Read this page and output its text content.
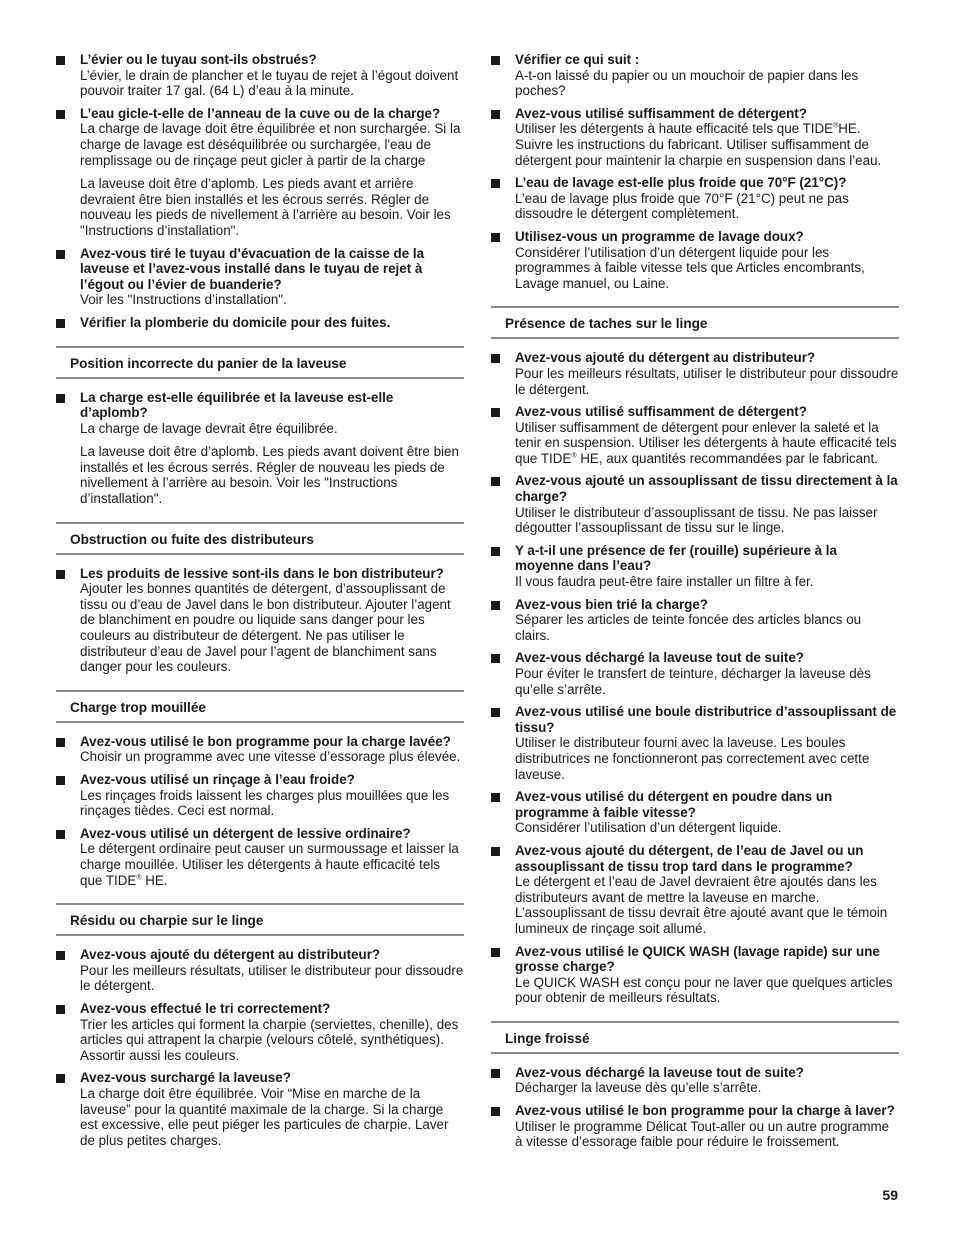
L’évier ou le tuyau sont-ils obstrués?
L’évier, le drain de plancher et le tuyau de rejet à l’égout doivent pouvoir traiter 17 gal. (64 L) d’eau à la minute.
L’eau gicle-t-elle de l’anneau de la cuve ou de la charge?
La charge de lavage doit être équilibrée et non surchargée. Si la charge de lavage est déséquilibrée ou surchargée, l'eau de remplissage ou de rinçage peut gicler à partir de la charge
La laveuse doit être d’aplomb. Les pieds avant et arrière devraient être bien installés et les écrous serrés. Régler de nouveau les pieds de nivellement à l’arrière au besoin. Voir les "Instructions d’installation".
Avez-vous tiré le tuyau d’évacuation de la caisse de la laveuse et l’avez-vous installé dans le tuyau de rejet à l’égout ou l’évier de buanderie?
Voir les "Instructions d’installation".
Vérifier la plomberie du domicile pour des fuites.
Position incorrecte du panier de la laveuse
La charge est-elle équilibrée et la laveuse est-elle d’aplomb?
La charge de lavage devrait être équilibrée.
La laveuse doit être d’aplomb. Les pieds avant doivent être bien installés et les écrous serrés. Régler de nouveau les pieds de nivellement à l’arrière au besoin. Voir les "Instructions d’installation".
Obstruction ou fuite des distributeurs
Les produits de lessive sont-ils dans le bon distributeur?
Ajouter les bonnes quantités de détergent, d’assouplissant de tissu ou d’eau de Javel dans le bon distributeur. Ajouter l’agent de blanchiment en poudre ou liquide sans danger pour les couleurs au distributeur de détergent. Ne pas utiliser le distributeur d’eau de Javel pour l’agent de blanchiment sans danger pour les couleurs.
Charge trop mouillée
Avez-vous utilisé le bon programme pour la charge lavée?
Choisir un programme avec une vitesse d’essorage plus élevée.
Avez-vous utilisé un rinçage à l’eau froide?
Les rinçages froids laissent les charges plus mouillées que les rinçages tièdes. Ceci est normal.
Avez-vous utilisé un détergent de lessive ordinaire?
Le détergent ordinaire peut causer un surmoussage et laisser la charge mouillée. Utiliser les détergents à haute efficacité tels que TIDE® HE.
Résidu ou charpie sur le linge
Avez-vous ajouté du détergent au distributeur?
Pour les meilleurs résultats, utiliser le distributeur pour dissoudre le détergent.
Avez-vous effectué le tri correctement?
Trier les articles qui forment la charpie (serviettes, chenille), des articles qui attrapent la charpie (velours côtelé, synthétiques). Assortir aussi les couleurs.
Avez-vous surchargé la laveuse?
La charge doit être équilibrée. Voir “Mise en marche de la laveuse” pour la quantité maximale de la charge. Si la charge est excessive, elle peut piéger les particules de charpie. Laver de plus petites charges.
Vérifier ce qui suit :
A-t-on laissé du papier ou un mouchoir de papier dans les poches?
Avez-vous utilisé suffisamment de détergent?
Utiliser les détergents à haute efficacité tels que TIDE®HE. Suivre les instructions du fabricant. Utiliser suffisamment de détergent pour maintenir la charpie en suspension dans l’eau.
L’eau de lavage est-elle plus froide que 70°F (21°C)?
L’eau de lavage plus froide que 70°F (21°C) peut ne pas dissoudre le détergent complètement.
Utilisez-vous un programme de lavage doux?
Considérer l’utilisation d’un détergent liquide pour les programmes à faible vitesse tels que Articles encombrants, Lavage manuel, ou Laine.
Présence de taches sur le linge
Avez-vous ajouté du détergent au distributeur?
Pour les meilleurs résultats, utiliser le distributeur pour dissoudre le détergent.
Avez-vous utilisé suffisamment de détergent?
Utiliser suffisamment de détergent pour enlever la saleté et la tenir en suspension. Utiliser les détergents à haute efficacité tels que TIDE® HE, aux quantités recommandées par le fabricant.
Avez-vous ajouté un assouplissant de tissu directement à la charge?
Utiliser le distributeur d’assouplissant de tissu. Ne pas laisser dégoutter l’assouplissant de tissu sur le linge.
Y a-t-il une présence de fer (rouille) supérieure à la moyenne dans l’eau?
Il vous faudra peut-être faire installer un filtre à fer.
Avez-vous bien trié la charge?
Séparer les articles de teinte foncée des articles blancs ou clairs.
Avez-vous déchargé la laveuse tout de suite?
Pour éviter le transfert de teinture, décharger la laveuse dès qu’elle s’arrête.
Avez-vous utilisé une boule distributrice d’assouplissant de tissu?
Utiliser le distributeur fourni avec la laveuse. Les boules distributrices ne fonctionneront pas correctement avec cette laveuse.
Avez-vous utilisé du détergent en poudre dans un programme à faible vitesse?
Considérer l’utilisation d’un détergent liquide.
Avez-vous ajouté du détergent, de l’eau de Javel ou un assouplissant de tissu trop tard dans le programme?
Le détergent et l’eau de Javel devraient être ajoutés dans les distributeurs avant de mettre la laveuse en marche. L’assouplissant de tissu devrait être ajouté avant que le témoin lumineux de rinçage soit allumé.
Avez-vous utilisé le QUICK WASH (lavage rapide) sur une grosse charge?
Le QUICK WASH est conçu pour ne laver que quelques articles pour obtenir de meilleurs résultats.
Linge froissé
Avez-vous déchargé la laveuse tout de suite?
Décharger la laveuse dès qu’elle s’arrête.
Avez-vous utilisé le bon programme pour la charge à laver?
Utiliser le programme Délicat Tout-aller ou un autre programme à vitesse d’essorage faible pour réduire le froissement.
59
